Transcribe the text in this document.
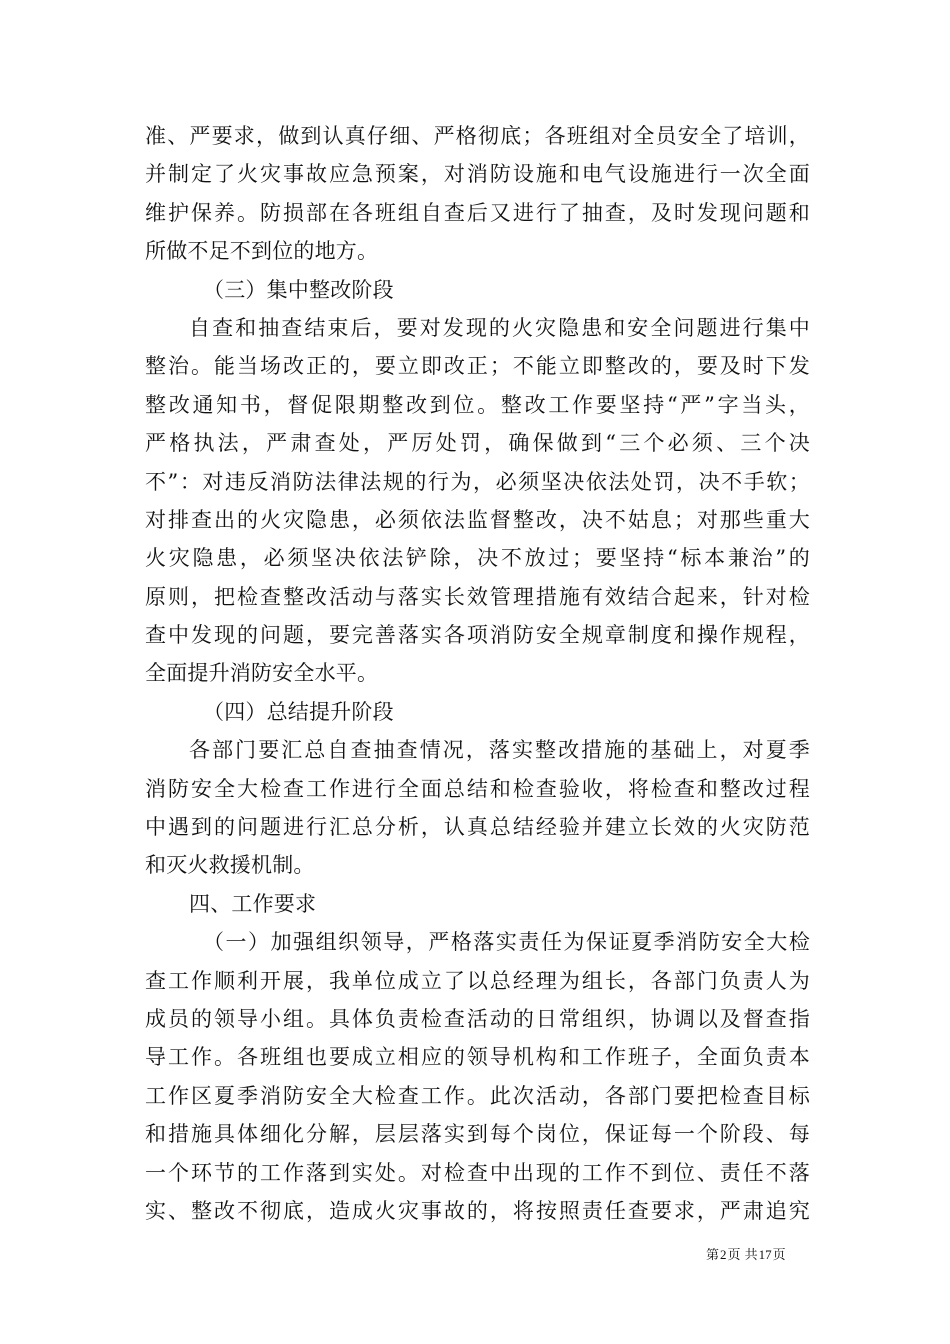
准、严要求，做到认真仔细、严格彻底；各班组对全员安全了培训，
并制定了火灾事故应急预案，对消防设施和电气设施进行一次全面
维护保养。防损部在各班组自查后又进行了抽查，及时发现问题和
所做不足不到位的地方。
（三）集中整改阶段
自查和抽查结束后，要对发现的火灾隐患和安全问题进行集中
整治。能当场改正的，要立即改正；不能立即整改的，要及时下发
整改通知书，督促限期整改到位。整改工作要坚持“严”字当头，
严格执法，严肃查处，严厉处罚，确保做到“三个必须、三个决
不”：对违反消防法律法规的行为，必须坚决依法处罚，决不手软；
对排查出的火灾隐患，必须依法监督整改，决不姑息；对那些重大
火灾隐患，必须坚决依法铲除，决不放过；要坚持“标本兼治”的
原则，把检查整改活动与落实长效管理措施有效结合起来，针对检
查中发现的问题，要完善落实各项消防安全规章制度和操作规程，
全面提升消防安全水平。
（四）总结提升阶段
各部门要汇总自查抽查情况，落实整改措施的基础上，对夏季
消防安全大检查工作进行全面总结和检查验收，将检查和整改过程
中遇到的问题进行汇总分析，认真总结经验并建立长效的火灾防范
和灭火救援机制。
四、工作要求
（一）加强组织领导，严格落实责任为保证夏季消防安全大检
查工作顺利开展，我单位成立了以总经理为组长，各部门负责人为
成员的领导小组。具体负责检查活动的日常组织，协调以及督查指
导工作。各班组也要成立相应的领导机构和工作班子，全面负责本
工作区夏季消防安全大检查工作。此次活动，各部门要把检查目标
和措施具体细化分解，层层落实到每个岗位，保证每一个阶段、每
一个环节的工作落到实处。对检查中出现的工作不到位、责任不落
实、整改不彻底，造成火灾事故的，将按照责任查要求，严肃追究
第2页 共17页
